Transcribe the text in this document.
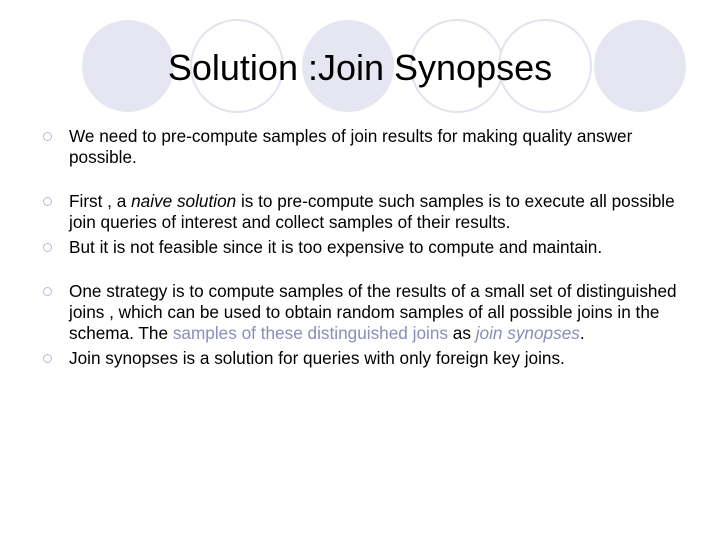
Solution :Join Synopses
We need to pre-compute samples of join results for making quality answer possible.
First , a naive solution is to pre-compute such samples is to execute all possible join queries of interest and collect samples of their results.
But it is not feasible since it is too expensive to compute and maintain.
One strategy is to compute samples of the results of a small set of distinguished joins , which can be used to obtain random samples of all possible joins in the schema. The samples of these distinguished joins as join synopses.
Join synopses is a solution for queries with only foreign key joins.
